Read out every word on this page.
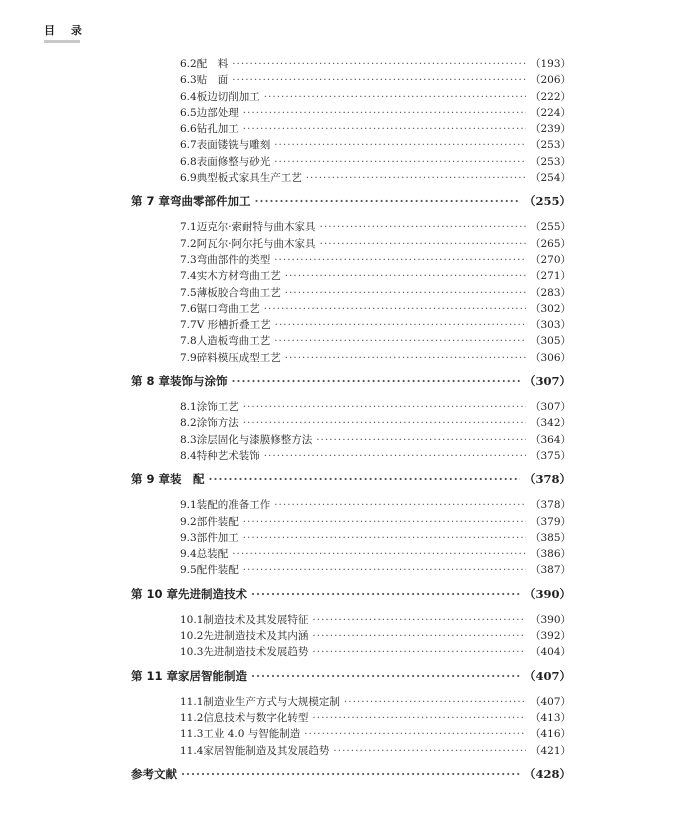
目 录
6.2 配　料 ·····	（193）
6.3 贴　面 ·····	（206）
6.4 板边切削加工 ·····	（222）
6.5 边部处理 ·····	（224）
6.6 钻孔加工 ·····	（239）
6.7 表面镂铣与雕刻 ·····	（253）
6.8 表面修整与砂光 ·····	（253）
6.9 典型板式家具生产工艺 ·····	（254）
第 7 章 弯曲零部件加工 ·····	（255）
7.1 迈克尔·索耐特与曲木家具 ·····	（255）
7.2 阿瓦尔·阿尔托与曲木家具 ·····	（265）
7.3 弯曲部件的类型 ·····	（270）
7.4 实木方材弯曲工艺 ·····	（271）
7.5 薄板胶合弯曲工艺 ·····	（283）
7.6 锯口弯曲工艺 ·····	（302）
7.7 V 形槽折叠工艺 ·····	（303）
7.8 人造板弯曲工艺 ·····	（305）
7.9 碎料模压成型工艺 ·····	（306）
第 8 章 装饰与涂饰 ·····	（307）
8.1 涂饰工艺 ·····	（307）
8.2 涂饰方法 ·····	（342）
8.3 涂层固化与漆膜修整方法 ·····	（364）
8.4 特种艺术装饰 ·····	（375）
第 9 章 装　配 ·····	（378）
9.1 装配的准备工作 ·····	（378）
9.2 部件装配 ·····	（379）
9.3 部件加工 ·····	（385）
9.4 总装配 ·····	（386）
9.5 配件装配 ·····	（387）
第 10 章 先进制造技术 ·····	（390）
10.1 制造技术及其发展特征 ·····	（390）
10.2 先进制造技术及其内涵 ·····	（392）
10.3 先进制造技术发展趋势 ·····	（404）
第 11 章 家居智能制造 ·····	（407）
11.1 制造业生产方式与大规模定制 ·····	（407）
11.2 信息技术与数字化转型 ·····	（413）
11.3 工业 4.0 与智能制造 ·····	（416）
11.4 家居智能制造及其发展趋势 ·····	（421）
参考文献 ·····	（428）
